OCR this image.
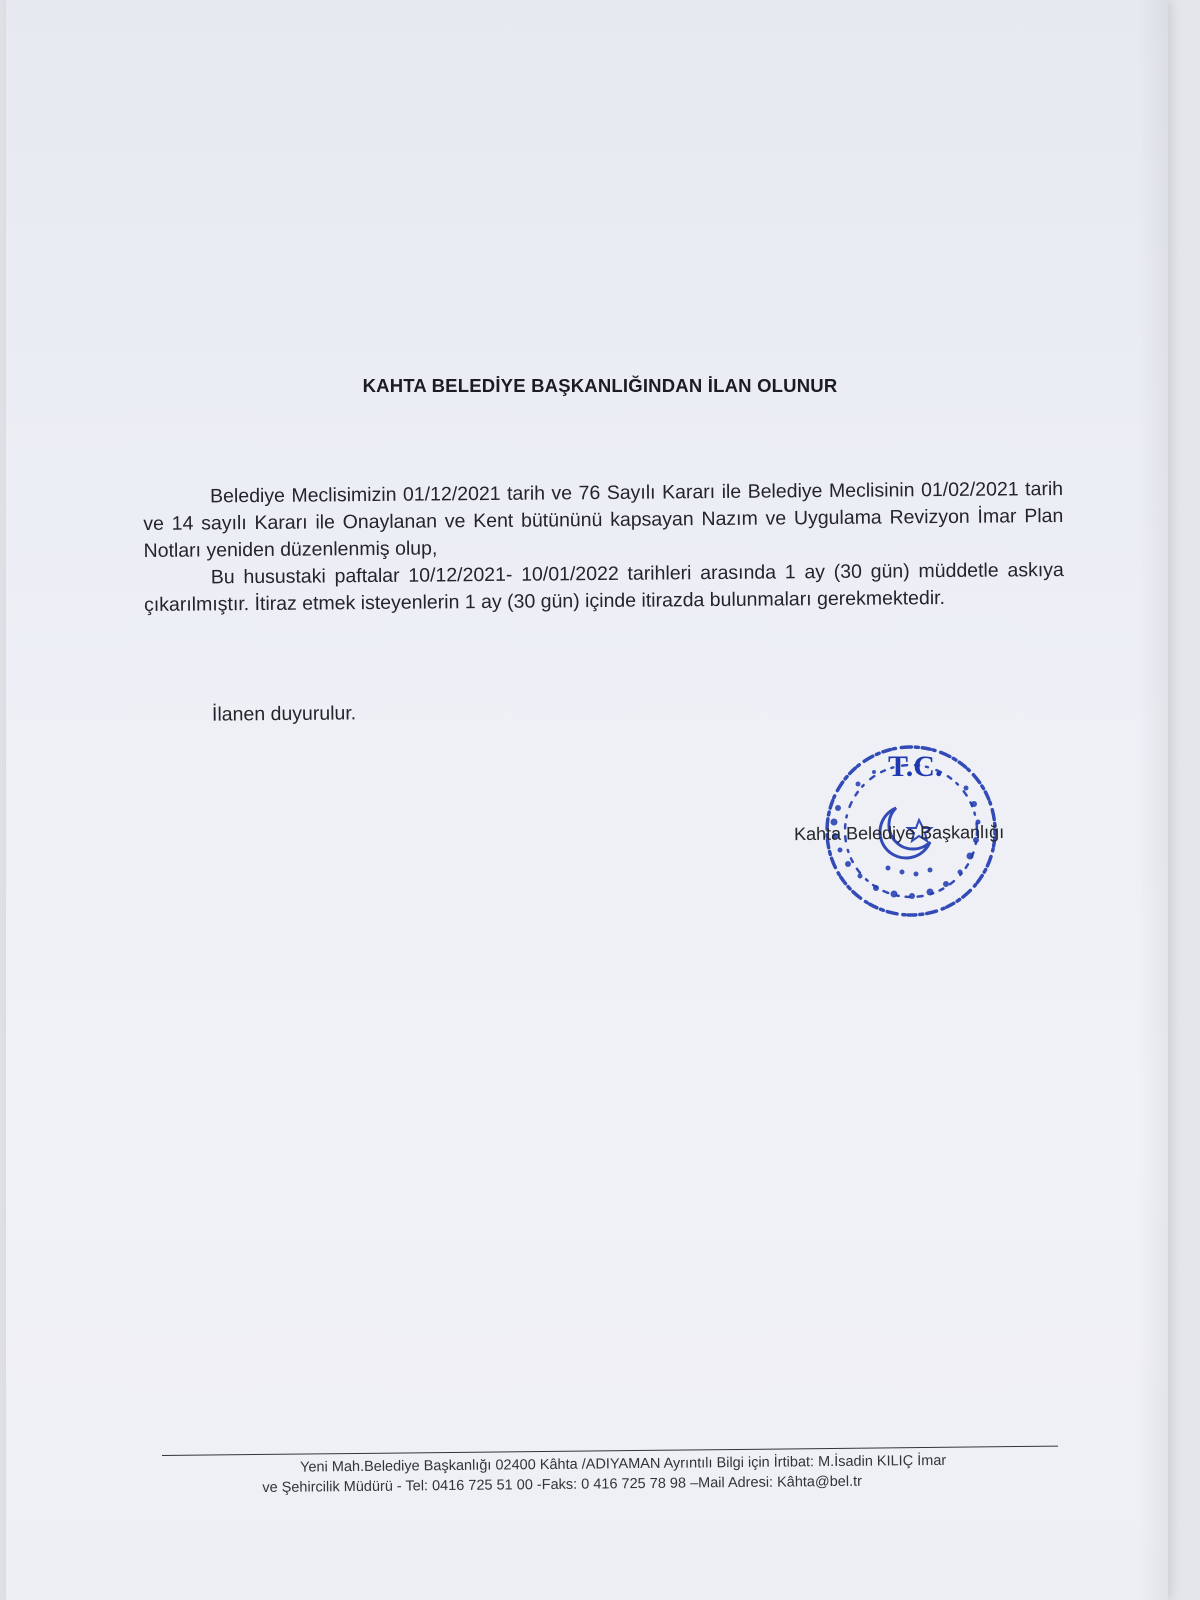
KAHTA BELEDİYE BAŞKANLIĞINDAN İLAN OLUNUR

Belediye Meclisimizin 01/12/2021 tarih ve 76 Sayılı Kararı ile Belediye Meclisinin 01/02/2021 tarih ve 14 sayılı Kararı ile Onaylanan ve Kent bütününü kapsayan Nazım ve Uygulama Revizyon İmar Plan Notları yeniden düzenlenmiş olup,

Bu husustaki paftalar 10/12/2021- 10/01/2022 tarihleri arasında 1 ay (30 gün) müddetle askıya çıkarılmıştır. İtiraz etmek isteyenlerin 1 ay (30 gün) içinde itirazda bulunmaları gerekmektedir.

İlanen duyurulur.
T.C.
Kahta Belediye Başkanlığı
Yeni Mah.Belediye Başkanlığı 02400 Kâhta /ADIYAMAN Ayrıntılı Bilgi için İrtibat: M.İsadin KILIÇ İmar
ve Şehircilik Müdürü - Tel: 0416 725 51 00 -Faks: 0 416 725 78 98 –Mail Adresi: Kâhta@bel.tr
